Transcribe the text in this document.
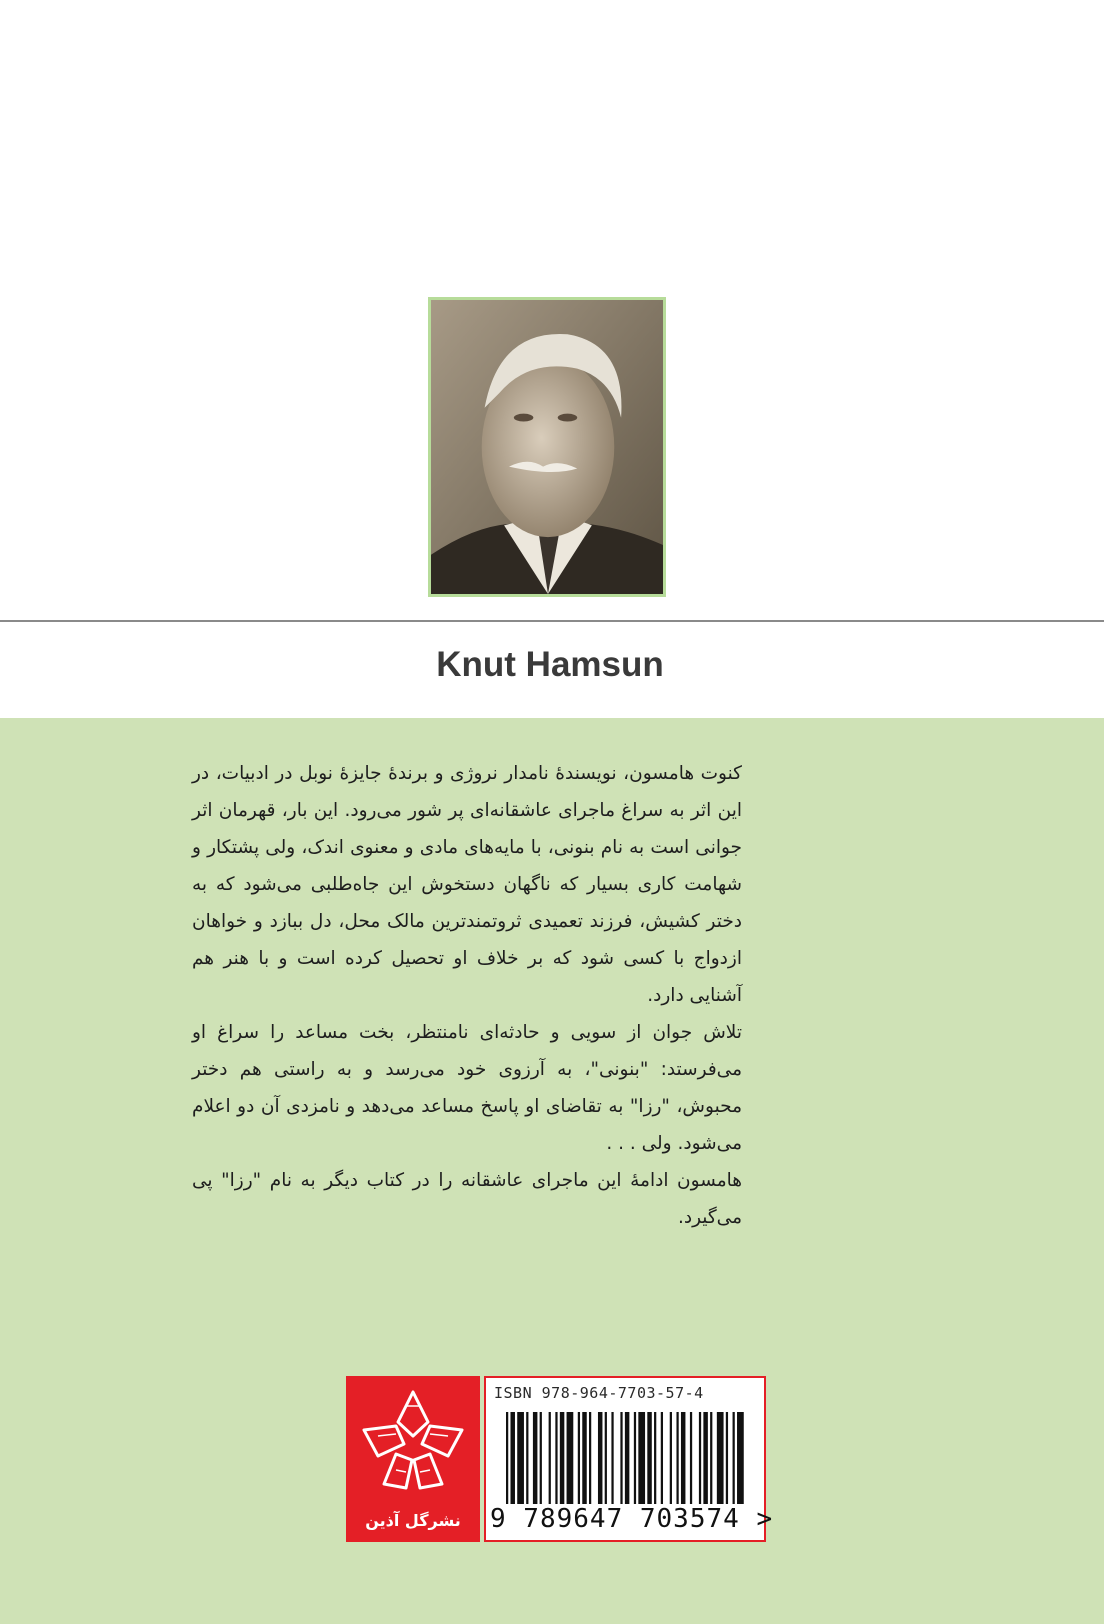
Knut Hamsun

کنوت هامسون، نویسندهٔ نامدار نروژی و برندهٔ جایزهٔ نوبل در ادبیات، در این اثر به سراغ ماجرای عاشقانه‌ای پر شور می‌رود. این بار، قهرمان اثر جوانی است به نام بنونی، با مایه‌های مادی و معنوی اندک، ولی پشتکار و شهامت کاری بسیار که ناگهان دستخوش این جاه‌طلبی می‌شود که به دختر کشیش، فرزند تعمیدی ثروتمندترین مالک محل، دل ببازد و خواهان ازدواج با کسی شود که بر خلاف او تحصیل کرده است و با هنر هم آشنایی دارد.

تلاش جوان از سویی و حادثه‌ای نامنتظر، بخت مساعد را سراغ او می‌فرستد: "بنونی"، به آرزوی خود می‌رسد و به راستی هم دختر محبوش، "رزا" به تقاضای او پاسخ مساعد می‌دهد و نامزدی آن دو اعلام می‌شود. ولی . . .

هامسون ادامهٔ این ماجرای عاشقانه را در کتاب دیگر به نام "رزا" پی می‌گیرد.

نشرگل آذین
ISBN 978-964-7703-57-4
9 789647 703574 >
